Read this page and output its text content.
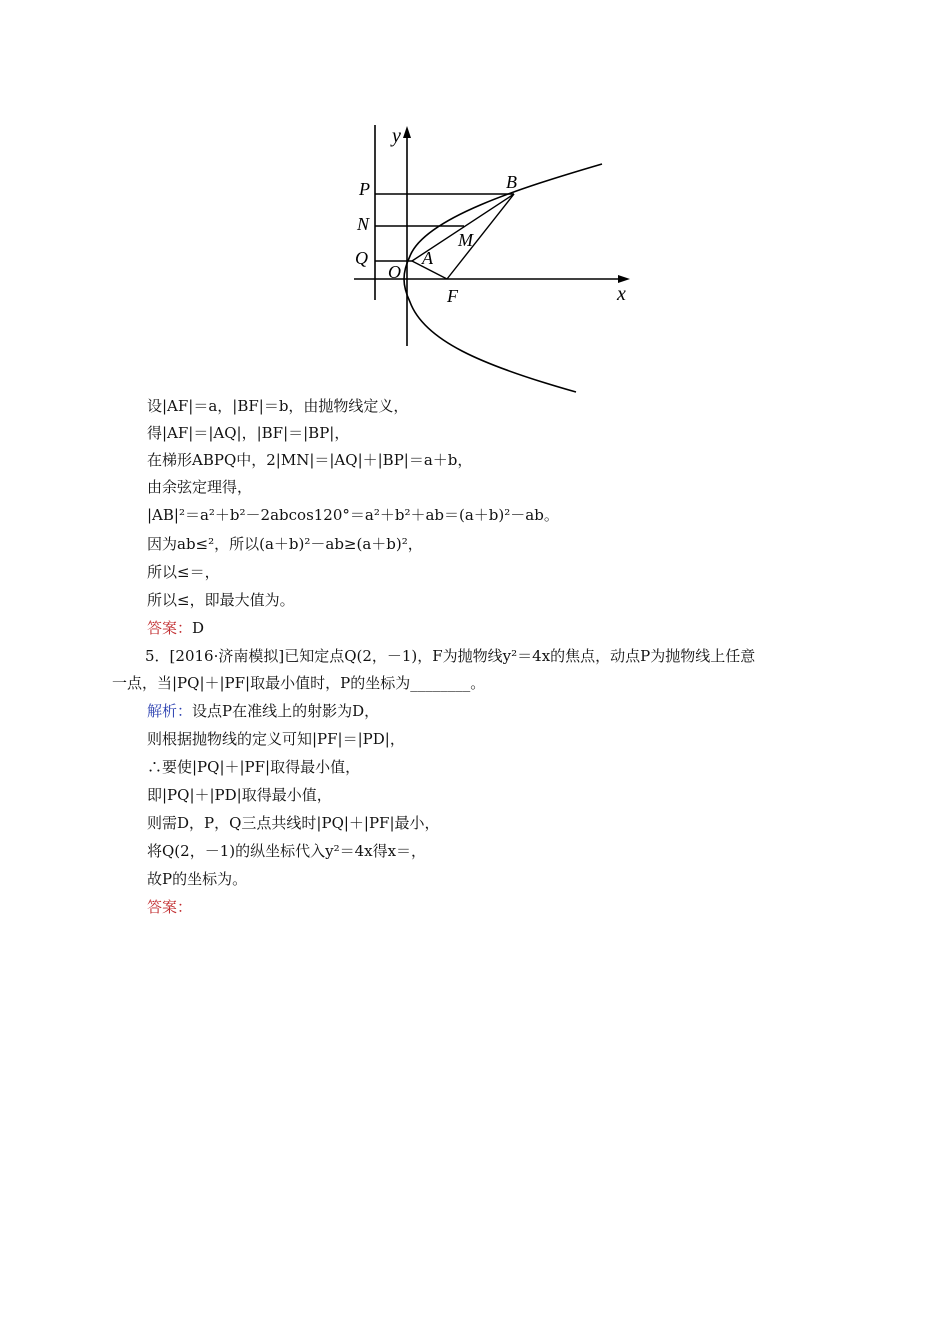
y
x
P
N
Q
O
A
B
M
F
设|AF|＝a，|BF|＝b，由抛物线定义，
得|AF|＝|AQ|，|BF|＝|BP|，
在梯形ABPQ中，2|MN|＝|AQ|＋|BP|＝a＋b，
由余弦定理得，
|AB|²＝a²＋b²－2abcos120°＝a²＋b²＋ab＝(a＋b)²－ab。
因为ab≤²，所以(a＋b)²－ab≥(a＋b)²，
所以≤＝，
所以≤，即最大值为。
答案：D
5．[2016·济南模拟]已知定点Q(2，－1)，F为抛物线y²＝4x的焦点，动点P为抛物线上任意
一点，当|PQ|＋|PF|取最小值时，P的坐标为________。
解析：设点P在准线上的射影为D，
则根据抛物线的定义可知|PF|＝|PD|，
∴要使|PQ|＋|PF|取得最小值，
即|PQ|＋|PD|取得最小值，
则需D，P，Q三点共线时|PQ|＋|PF|最小，
将Q(2，－1)的纵坐标代入y²＝4x得x＝，
故P的坐标为。
答案：
